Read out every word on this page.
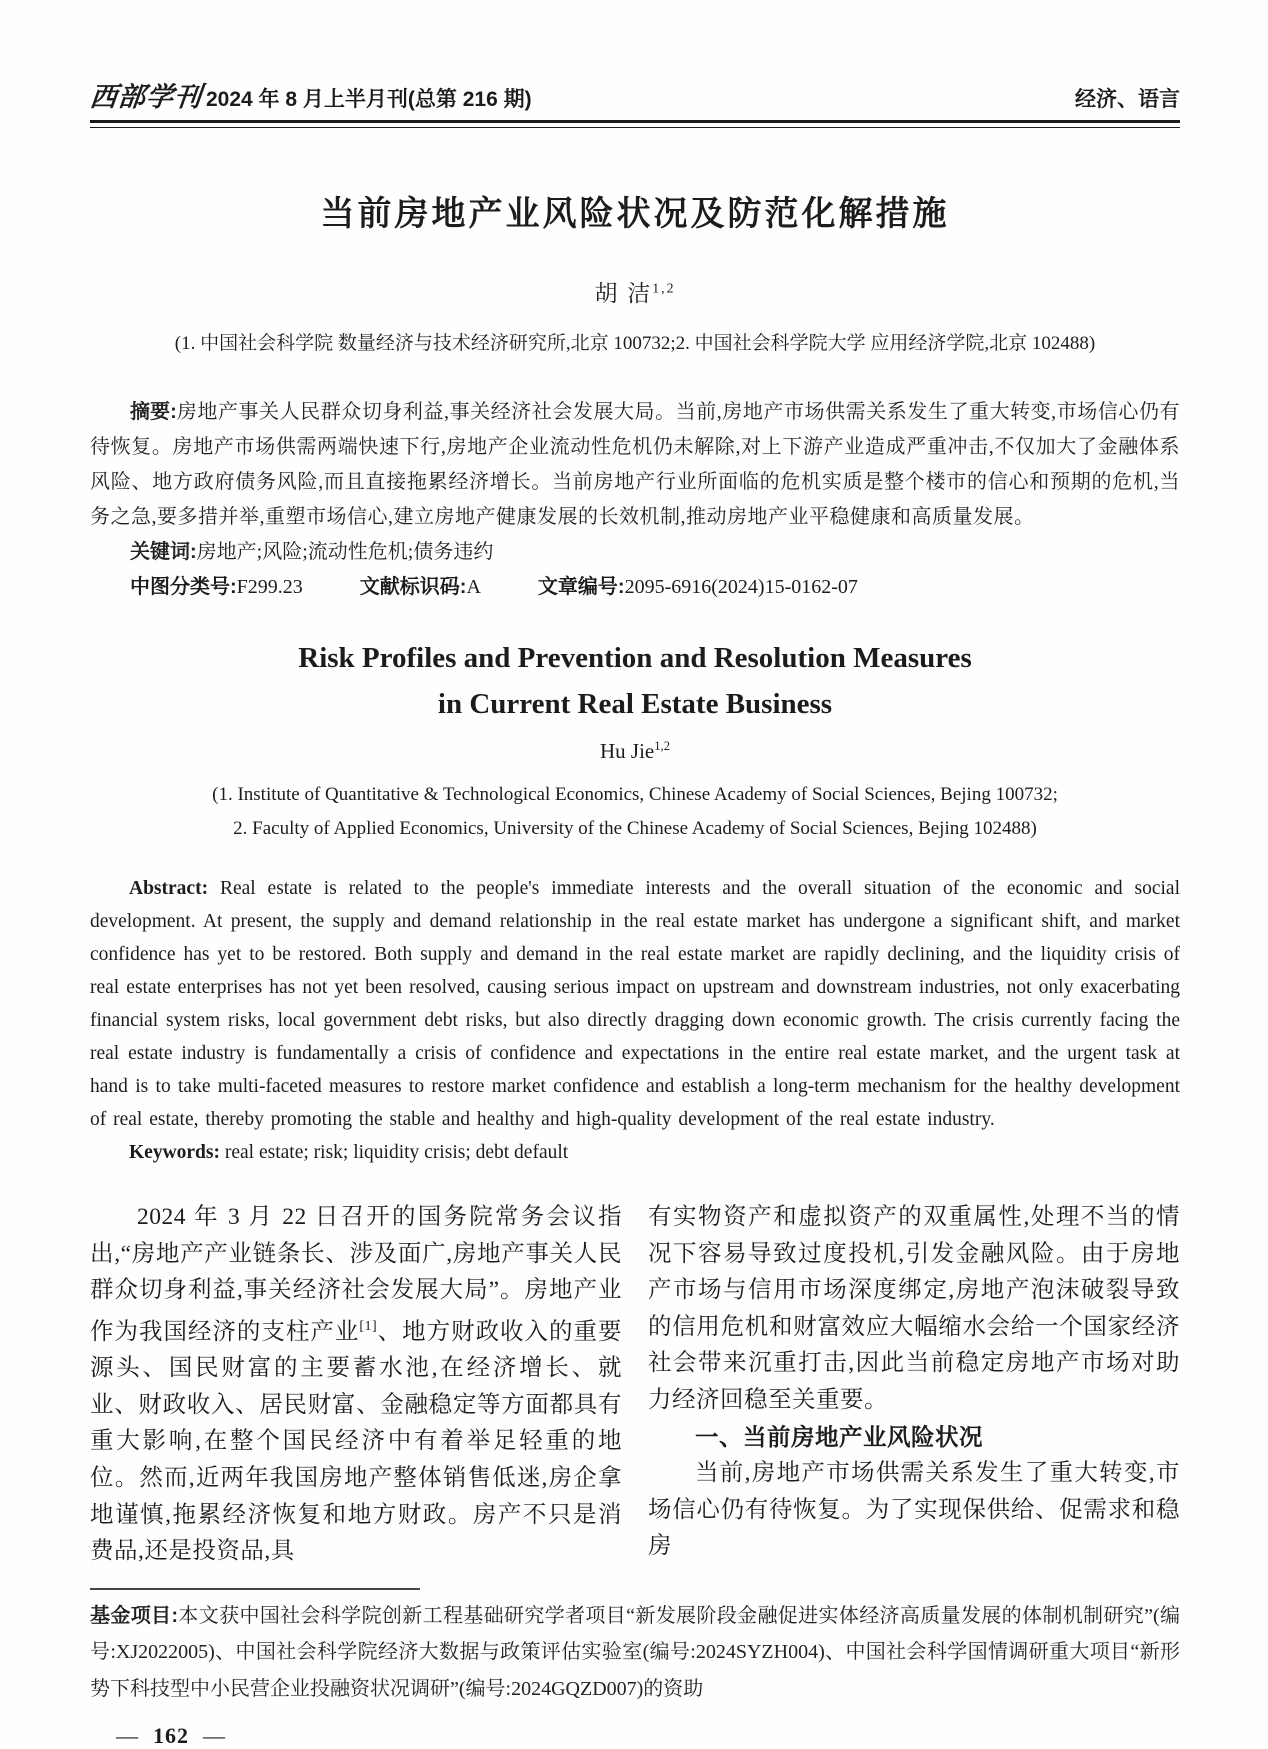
西部学刊 2024 年 8 月上半月刊(总第 216 期)	经济、语言
当前房地产业风险状况及防范化解措施
胡 洁$^{1,2}$
(1. 中国社会科学院 数量经济与技术经济研究所,北京 100732;2. 中国社会科学院大学 应用经济学院,北京 102488)
摘要:房地产事关人民群众切身利益,事关经济社会发展大局。当前,房地产市场供需关系发生了重大转变,市场信心仍有待恢复。房地产市场供需两端快速下行,房地产企业流动性危机仍未解除,对上下游产业造成严重冲击,不仅加大了金融体系风险、地方政府债务风险,而且直接拖累经济增长。当前房地产行业所面临的危机实质是整个楼市的信心和预期的危机,当务之急,要多措并举,重塑市场信心,建立房地产健康发展的长效机制,推动房地产业平稳健康和高质量发展。
关键词:房地产;风险;流动性危机;债务违约
中图分类号:F299.23	文献标识码:A	文章编号:2095-6916(2024)15-0162-07
Risk Profiles and Prevention and Resolution Measures
in Current Real Estate Business
Hu Jie$^{1,2}$
(1. Institute of Quantitative & Technological Economics, Chinese Academy of Social Sciences, Bejing 100732;
2. Faculty of Applied Economics, University of the Chinese Academy of Social Sciences, Bejing 102488)
Abstract: Real estate is related to the people's immediate interests and the overall situation of the economic and social development. At present, the supply and demand relationship in the real estate market has undergone a significant shift, and market confidence has yet to be restored. Both supply and demand in the real estate market are rapidly declining, and the liquidity crisis of real estate enterprises has not yet been resolved, causing serious impact on upstream and downstream industries, not only exacerbating financial system risks, local government debt risks, but also directly dragging down economic growth. The crisis currently facing the real estate industry is fundamentally a crisis of confidence and expectations in the entire real estate market, and the urgent task at hand is to take multi-faceted measures to restore market confidence and establish a long-term mechanism for the healthy development of real estate, thereby promoting the stable and healthy and high-quality development of the real estate industry.
Keywords: real estate; risk; liquidity crisis; debt default

2024 年 3 月 22 日召开的国务院常务会议指出,“房地产产业链条长、涉及面广,房地产事关人民群众切身利益,事关经济社会发展大局”。房地产业作为我国经济的支柱产业[1]、地方财政收入的重要源头、国民财富的主要蓄水池,在经济增长、就业、财政收入、居民财富、金融稳定等方面都具有重大影响,在整个国民经济中有着举足轻重的地位。然而,近两年我国房地产整体销售低迷,房企拿地谨慎,拖累经济恢复和地方财政。房产不只是消费品,还是投资品,具

有实物资产和虚拟资产的双重属性,处理不当的情况下容易导致过度投机,引发金融风险。由于房地产市场与信用市场深度绑定,房地产泡沫破裂导致的信用危机和财富效应大幅缩水会给一个国家经济社会带来沉重打击,因此当前稳定房地产市场对助力经济回稳至关重要。

一、当前房地产业风险状况

当前,房地产市场供需关系发生了重大转变,市场信心仍有待恢复。为了实现保供给、促需求和稳房

基金项目:本文获中国社会科学院创新工程基础研究学者项目“新发展阶段金融促进实体经济高质量发展的体制机制研究”(编号:XJ2022005)、中国社会科学院经济大数据与政策评估实验室(编号:2024SYZH004)、中国社会科学国情调研重大项目“新形势下科技型中小民营企业投融资状况调研”(编号:2024GQZD007)的资助
— 162 —
